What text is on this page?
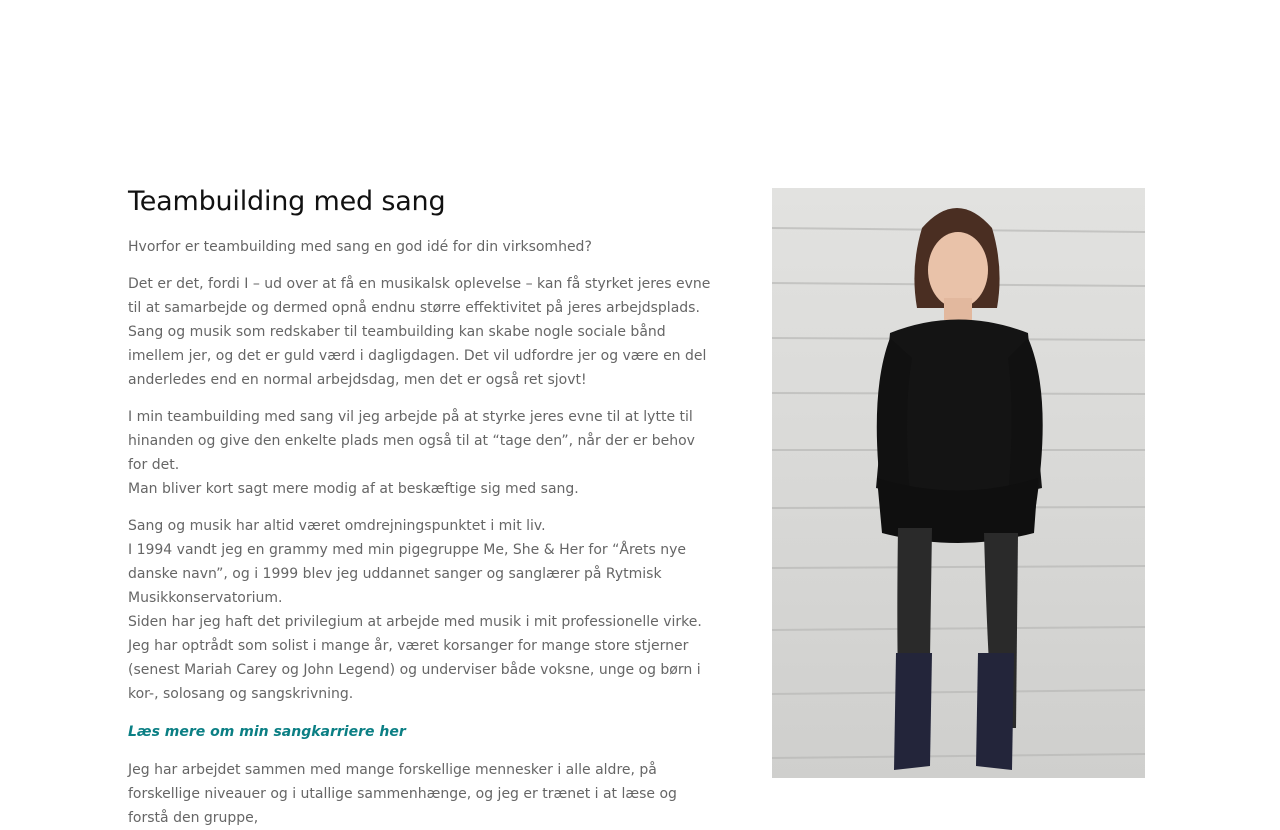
Teambuilding med sang

Hvorfor er teambuilding med sang en god idé for din virksomhed?

Det er det, fordi I – ud over at få en musikalsk oplevelse – kan få styrket jeres evne til at samarbejde og dermed opnå endnu større effektivitet på jeres arbejdsplads.

Sang og musik som redskaber til teambuilding kan skabe nogle sociale bånd imellem jer, og det er guld værd i dagligdagen. Det vil udfordre jer og være en del anderledes end en normal arbejdsdag, men det er også ret sjovt!

I min teambuilding med sang vil jeg arbejde på at styrke jeres evne til at lytte til hinanden og give den enkelte plads men også til at “tage den”, når der er behov for det.

Man bliver kort sagt mere modig af at beskæftige sig med sang.

Sang og musik har altid været omdrejningspunktet i mit liv.

I 1994 vandt jeg en grammy med min pigegruppe Me, She & Her for “Årets nye danske navn”, og i 1999 blev jeg uddannet sanger og sanglærer på Rytmisk Musikkonservatorium.

Siden har jeg haft det privilegium at arbejde med musik i mit professionelle virke. Jeg har optrådt som solist i mange år, været korsanger for mange store stjerner (senest Mariah Carey og John Legend) og underviser både voksne, unge og børn i kor-, solosang og sangskrivning.

Læs mere om min sangkarriere her

Jeg har arbejdet sammen med mange forskellige mennesker i alle aldre, på forskellige niveauer og i utallige sammenhænge, og jeg er trænet i at læse og forstå den gruppe,
